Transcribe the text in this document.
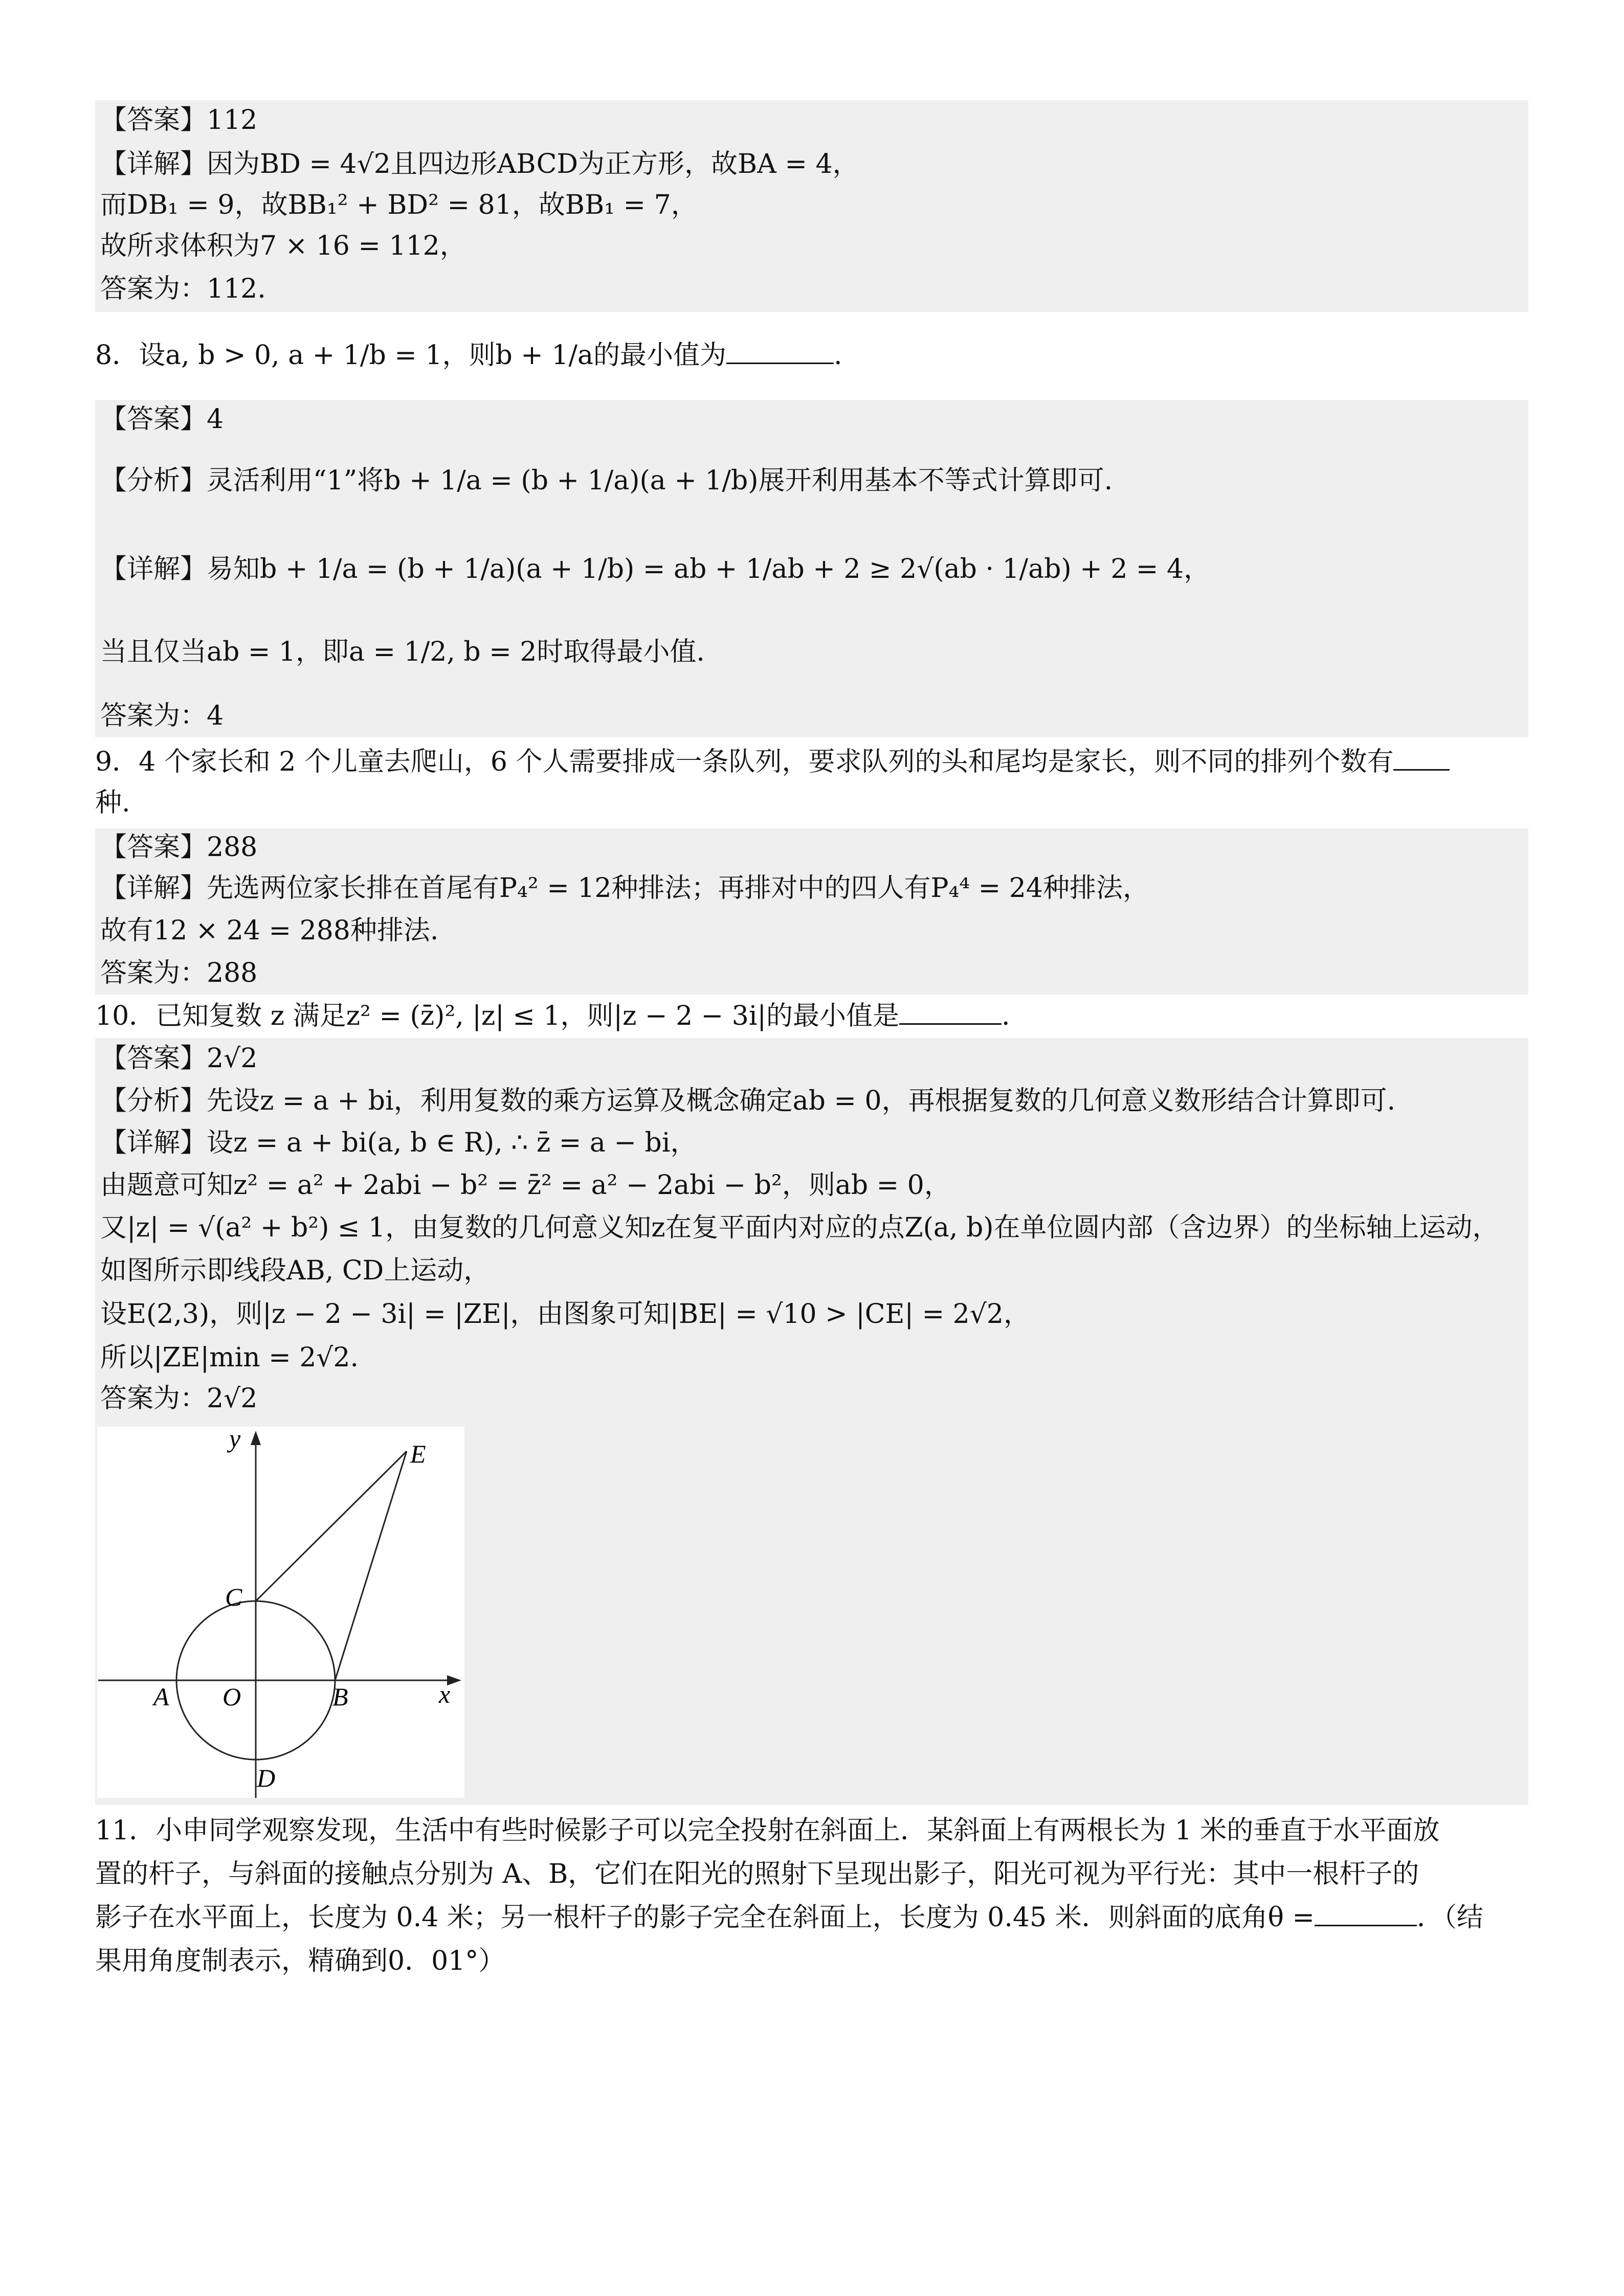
【答案】112
【详解】因为BD = 4√2且四边形ABCD为正方形，故BA = 4，
而DB₁ = 9，故BB₁² + BD² = 81，故BB₁ = 7，
故所求体积为7 × 16 = 112，
答案为：112.
8．设a, b > 0, a + 1/b = 1，则b + 1/a的最小值为	.
【答案】4
【分析】灵活利用“1”将b + 1/a = (b + 1/a)(a + 1/b)展开利用基本不等式计算即可.
【详解】易知b + 1/a = (b + 1/a)(a + 1/b) = ab + 1/ab + 2 ≥ 2√(ab · 1/ab) + 2 = 4，
当且仅当ab = 1，即a = 1/2, b = 2时取得最小值.
答案为：4
9．4 个家长和 2 个儿童去爬山，6 个人需要排成一条队列，要求队列的头和尾均是家长，则不同的排列个数有
种.
【答案】288
【详解】先选两位家长排在首尾有P₄² = 12种排法；再排对中的四人有P₄⁴ = 24种排法，
故有12 × 24 = 288种排法.
答案为：288
10．已知复数 z 满足z² = (z̄)², |z| ≤ 1，则|z − 2 − 3i|的最小值是	.
【答案】2√2
【分析】先设z = a + bi，利用复数的乘方运算及概念确定ab = 0，再根据复数的几何意义数形结合计算即可.
【详解】设z = a + bi(a, b ∈ R), ∴ z̄ = a − bi，
由题意可知z² = a² + 2abi − b² = z̄² = a² − 2abi − b²，则ab = 0，
又|z| = √(a² + b²) ≤ 1，由复数的几何意义知z在复平面内对应的点Z(a, b)在单位圆内部（含边界）的坐标轴上运动，
如图所示即线段AB, CD上运动，
设E(2,3)，则|z − 2 − 3i| = |ZE|，由图象可知|BE| = √10 > |CE| = 2√2，
所以|ZE|min = 2√2.
答案为：2√2
y
x
E
C
A O	B
D
11．小申同学观察发现，生活中有些时候影子可以完全投射在斜面上．某斜面上有两根长为 1 米的垂直于水平面放
置的杆子，与斜面的接触点分别为 A、B，它们在阳光的照射下呈现出影子，阳光可视为平行光：其中一根杆子的
影子在水平面上，长度为 0.4 米；另一根杆子的影子完全在斜面上，长度为 0.45 米．则斜面的底角θ =	．（结
果用角度制表示，精确到0．01°）
